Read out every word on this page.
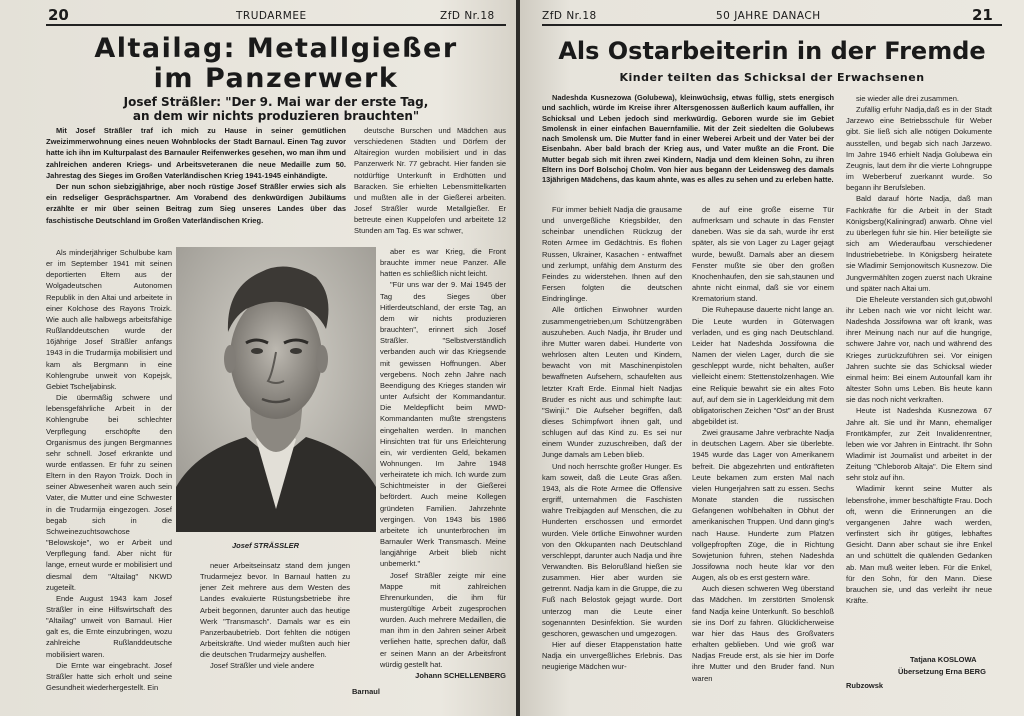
20	TRUDARMEE	ZfD Nr.18
Altailag: Metallgießer
im Panzerwerk
Josef Sträßler: "Der 9. Mai war der erste Tag,
an dem wir nichts produzieren brauchten"

Mit Josef Sträßler traf ich mich zu Hause in seiner gemütlichen Zweizimmerwohnung eines neuen Wohnblocks der Stadt Barnaul. Einen Tag zuvor hatte ich ihn im Kulturpalast des Barnauler Reifenwerkes gesehen, wo man ihm und zahlreichen anderen Kriegs- und Arbeitsveteranen die neue Medaille zum 50. Jahrestag des Sieges im Großen Vaterländischen Krieg 1941-1945 einhändigte.

Der nun schon siebzigjährige, aber noch rüstige Josef Sträßler erwies sich als ein redseliger Gesprächspartner. Am Vorabend des denkwürdigen Jubiläums erzählte er mir über seinen Beitrag zum Sieg unseres Landes über das faschistische Deutschland im Großen Vaterländischen Krieg.

Als minderjähriger Schulbube kam er im September 1941 mit seinen deportierten Eltern aus der Wolgadeutschen Autonomen Republik in den Altai und arbeitete in einer Kolchose des Rayons Troizk. Wie auch alle halbwegs arbeitsfähige Rußlanddeutschen wurde der 16jährige Josef Sträßler anfangs 1943 in die Trudarmija mobilisiert und kam als Bergmann in eine Kohlengrube unweit von Kopejsk, Gebiet Tscheljabinsk.

Die übermäßig schwere und lebensgefährliche Arbeit in der Kohlengrube bei schlechter Verpflegung erschöpfte den Organismus des jungen Bergmannes sehr schnell. Josef erkrankte und wurde entlassen. Er fuhr zu seinen Eltern in den Rayon Troizk. Doch in seiner Abwesenheit waren auch sein Vater, die Mutter und eine Schwester in die Trudarmija eingezogen. Josef begab sich in die Schweinezuchtsowchose "Belowskoje", wo er Arbeit und Verpflegung fand. Aber nicht für lange, erneut wurde er mobilisiert und diesmal dem "Altailag" NKWD zugeteilt.

Ende August 1943 kam Josef Sträßler in eine Hilfswirtschaft des "Altailag" unweit von Barnaul. Hier galt es, die Ernte einzubringen, wozu zahlreiche Rußlanddeutsche mobilisiert waren.

Die Ernte war eingebracht. Josef Sträßler hatte sich erholt und seine Gesundheit wiederhergestellt. Ein

deutsche Burschen und Mädchen aus verschiedenen Städten und Dörfern der Altairegion wurden mobilisiert und in das Panzerwerk Nr. 77 gebracht. Hier fanden sie notdürftige Unterkunft in Erdhütten und Baracken. Sie erhielten Lebensmittelkarten und mußten alle in der Gießerei arbeiten. Josef Sträßler wurde Metallgießer. Er betreute einen Kuppelofen und arbeitete 12 Stunden am Tag. Es war schwer,

Josef STRÄSSLER

neuer Arbeitseinsatz stand dem jungen Trudarmejez bevor. In Barnaul hatten zu jener Zeit mehrere aus dem Westen des Landes evakuierte Rüstungsbetriebe ihre Arbeit begonnen, darunter auch das heutige Werk "Transmasch". Damals war es ein Panzerbaubetrieb. Dort fehlten die nötigen Arbeitskräfte. Und wieder mußten auch hier die deutschen Trudarmejzy aushelfen.

Josef Sträßler und viele andere

aber es war Krieg, die Front brauchte immer neue Panzer. Alle hatten es schließlich nicht leicht.

"Für uns war der 9. Mai 1945 der Tag des Sieges über Hitlerdeutschland, der erste Tag, an dem wir nichts produzieren brauchten", erinnert sich Josef Sträßler. "Selbstverständlich verbanden auch wir das Kriegsende mit gewissen Hoffnungen. Aber vergebens. Noch zehn Jahre nach Beendigung des Krieges standen wir unter Aufsicht der Kommandantur. Die Meldepflicht beim MWD-Kommandanten mußte strengstens eingehalten werden. In manchen Hinsichten trat für uns Erleichterung ein, wir verdienten Geld, bekamen Wohnungen. Im Jahre 1948 verheiratete ich mich. Ich wurde zum Schichtmeister in der Gießerei befördert. Auch meine Kollegen gründeten Familien. Jahrzehnte vergingen. Von 1943 bis 1986 arbeitete ich ununterbrochen im Barnauler Werk Transmasch. Meine langjährige Arbeit blieb nicht unbemerkt."

Josef Sträßler zeigte mir eine Mappe mit zahlreichen Ehrenurkunden, die ihm für mustergültige Arbeit zugesprochen wurden. Auch mehrere Medaillen, die man ihm in den Jahren seiner Arbeit verliehen hatte, sprechen dafür, daß er seinen Mann an der Arbeitsfront würdig gestellt hat.

Johann SCHELLENBERG

Barnaul
ZfD Nr.18	50 JAHRE DANACH	21
Als Ostarbeiterin in der Fremde
Kinder teilten das Schicksal der Erwachsenen

Nadeshda Kusnezowa (Golubewa), kleinwüchsig, etwas füllig, stets energisch und sachlich, würde im Kreise ihrer Altersgenossen äußerlich kaum auffallen, ihr Schicksal und Leben jedoch sind merkwürdig. Geboren wurde sie im Gebiet Smolensk in einer einfachen Bauernfamilie. Mit der Zeit siedelten die Golubews nach Smolensk um. Die Mutter fand in einer Weberei Arbeit und der Vater bei der Eisenbahn. Aber bald brach der Krieg aus, und Vater mußte an die Front. Die Mutter begab sich mit ihren zwei Kindern, Nadja und dem kleinen Sohn, zu ihren Eltern ins Dorf Bolschoj Cholm. Von hier aus begann der Leidensweg des damals 13jährigen Mädchens, das kaum ahnte, was es alles zu sehen und zu erleben hatte.

Für immer behielt Nadja die grausame und unvergeßliche Kriegsbilder, den scheinbar unendlichen Rückzug der Roten Armee im Gedächtnis. Es flohen Russen, Ukrainer, Kasachen - entwaffnet und zerlumpt, unfähig dem Ansturm des Feindes zu widerstehen. Ihnen auf den Fersen folgten die deutschen Eindringlinge.

Alle örtlichen Einwohner wurden zusammengetrieben,um Schützengräben auszuheben. Auch Nadja, ihr Bruder und ihre Mutter waren dabei. Hunderte von wehrlosen alten Leuten und Kindern, bewacht von mit Maschinenpistolen bewaffneten Aufsehern, schaufelten aus letzter Kraft Erde. Einmal hielt Nadjas Bruder es nicht aus und schimpfte laut: "Swinji." Die Aufseher begriffen, daß dieses Schimpfwort ihnen galt, und schlugen auf das Kind zu. Es sei nur einem Wunder zuzuschreiben, daß der Junge damals am Leben blieb.

Und noch herrschte großer Hunger. Es kam soweit, daß die Leute Gras aßen. 1943, als die Rote Armee die Offensive ergriff, unternahmen die Faschisten wahre Treibjagden auf Menschen, die zu Hunderten erschossen und ermordet wurden. Viele örtliche Einwohner wurden von den Okkupanten nach Deutschland verschleppt, darunter auch Nadja und ihre Verwandten. Bis Belorußland hießen sie zusammen. Hier aber wurden sie getrennt. Nadja kam in die Gruppe, die zu Fuß nach Belostok gejagt wurde. Dort unterzog man die Leute einer sogenannten Desinfektion. Sie wurden geschoren, gewaschen und umgezogen.

Hier auf dieser Etappenstation hatte Nadja ein unvergeßliches Erlebnis. Das neugierige Mädchen wur-

de auf eine große eiserne Tür aufmerksam und schaute in das Fenster daneben. Was sie da sah, wurde ihr erst später, als sie von Lager zu Lager gejagt wurde, bewußt. Damals aber an diesem Fenster mußte sie über den großen Knochenhaufen, den sie sah,staunen und ahnte nicht einmal, daß sie vor einem Krematorium stand.

Die Ruhepause dauerte nicht lange an. Die Leute wurden in Güterwagen verladen, und es ging nach Deutschland. Leider hat Nadeshda Jossifowna die Namen der vielen Lager, durch die sie geschleppt wurde, nicht behalten, außer vielleicht einem: Stettenstolzenhagen. Wie eine Reliquie bewahrt sie ein altes Foto auf, auf dem sie in Lagerkleidung mit dem obligatorischen Zeichen "Ost" an der Brust abgebildet ist.

Zwei grausame Jahre verbrachte Nadja in deutschen Lagern. Aber sie überlebte. 1945 wurde das Lager von Amerikanern befreit. Die abgezehrten und entkräfteten Leute bekamen zum ersten Mal nach vielen Hungerjahren satt zu essen. Sechs Monate standen die russischen Gefangenen wohlbehalten in Obhut der amerikanischen Truppen. Und dann ging's nach Hause. Hunderte zum Platzen vollgepfropften Züge, die in Richtung Sowjetunion fuhren, stehen Nadeshda Jossifowna noch heute klar vor den Augen, als ob es erst gestern wäre.

Auch diesen schweren Weg überstand das Mädchen. Im zerstörten Smolensk fand Nadja keine Unterkunft. So beschloß sie ins Dorf zu fahren. Glücklicherweise war hier das Haus des Großvaters erhalten geblieben. Und wie groß war Nadjas Freude erst, als sie hier im Dorfe ihre Mutter und den Bruder fand. Nun waren

sie wieder alle drei zusammen.

Zufällig erfuhr Nadja,daß es in der Stadt Jarzewo eine Betriebsschule für Weber gibt. Sie ließ sich alle nötigen Dokumente ausstellen, und begab sich nach Jarzewo. Im Jahre 1946 erhielt Nadja Golubewa ein Zeugnis, laut dem ihr die vierte Lohngruppe im Weberberuf zuerkannt wurde. So begann ihr Berufsleben.

Bald darauf hörte Nadja, daß man Fachkräfte für die Arbeit in der Stadt Königsberg(Kaliningrad) anwarb. Ohne viel zu überlegen fuhr sie hin. Hier beteiligte sie sich am Wiederaufbau verschiedener Industriebetriebe. In Königsberg heiratete sie Wladimir Semjonowitsch Kusnezow. Die Jungvermählten zogen zuerst nach Ukraine und später nach Altai um.

Die Eheleute verstanden sich gut,obwohl ihr Leben nach wie vor nicht leicht war. Nadeshda Jossifowna war oft krank, was ihrer Meinung nach nur auf die hungrige, schwere Jahre vor, nach und während des Krieges zurückzuführen sei. Vor einigen Jahren suchte sie das Schicksal wieder einmal heim: Bei einem Autounfall kam ihr ältester Sohn ums Leben. Bis heute kann sie das noch nicht verkraften.

Heute ist Nadeshda Kusnezowa 67 Jahre alt. Sie und ihr Mann, ehemaliger Frontkämpfer, zur Zeit Invalidenrentner, leben wie vor Jahren in Eintracht. Ihr Sohn Wladimir ist Journalist und arbeitet in der Zeitung "Chleborob Altaja". Die Eltern sind sehr stolz auf ihn.

Wladimir kennt seine Mutter als lebensfrohe, immer beschäftigte Frau. Doch oft, wenn die Erinnerungen an die vergangenen Jahre wach werden, verfinstert sich ihr gütiges, lebhaftes Gesicht. Dann aber schaut sie ihre Enkel an und schüttelt die quälenden Gedanken ab. Man muß weiter leben. Für die Enkel, für den Sohn, für den Mann. Diese brauchen sie, und das verleiht ihr neue Kräfte.

Tatjana KOSLOWA
Übersetzung Erna BERG
Rubzowsk
